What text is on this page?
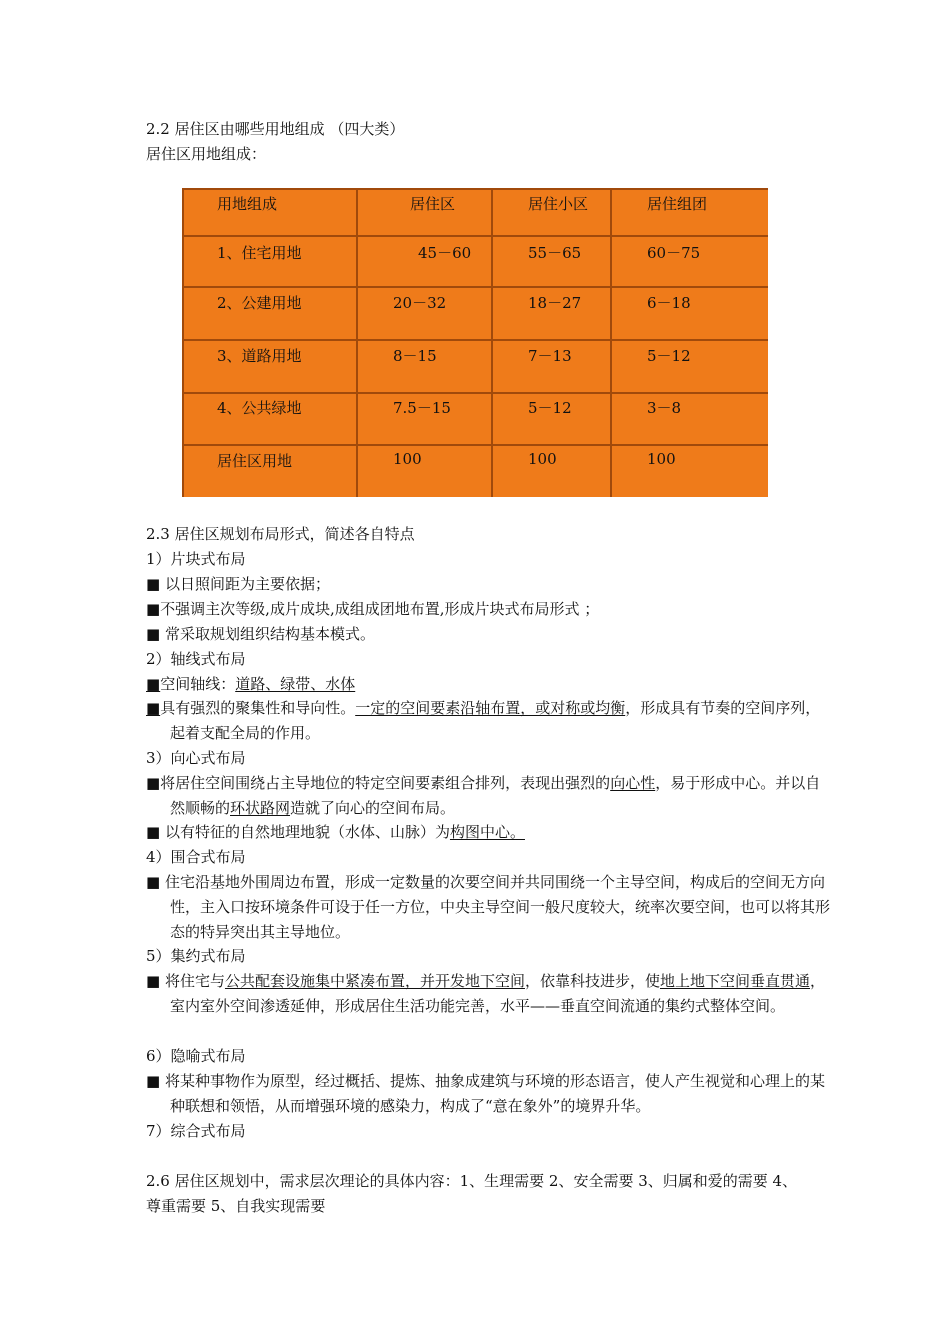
2.2 居住区由哪些用地组成 （四大类）
居住区用地组成：
用地组成	居住区	居住小区	居住组团
1、住宅用地	45－60	55－65	60－75
2、公建用地	20－32	18－27	6－18
3、道路用地	8－15	7－13	5－12
4、公共绿地	7.5－15	5－12	3－8
居住区用地	100	100	100
2.3 居住区规划布局形式，简述各自特点
1）片块式布局
■ 以日照间距为主要依据；
■不强调主次等级,成片成块,成组成团地布置,形成片块式布局形式 ；
■ 常采取规划组织结构基本模式。
2）轴线式布局
■空间轴线：道路、绿带、水体
■具有强烈的聚集性和导向性。一定的空间要素沿轴布置，或对称或均衡，形成具有节奏的空间序列，起着支配全局的作用。
3）向心式布局
■将居住空间围绕占主导地位的特定空间要素组合排列，表现出强烈的向心性，易于形成中心。并以自然顺畅的环状路网造就了向心的空间布局。
■ 以有特征的自然地理地貌（水体、山脉）为构图中心。
4）围合式布局
■ 住宅沿基地外围周边布置，形成一定数量的次要空间并共同围绕一个主导空间，构成后的空间无方向性，主入口按环境条件可设于任一方位，中央主导空间一般尺度较大，统率次要空间，也可以将其形态的特异突出其主导地位。
5）集约式布局
■ 将住宅与公共配套设施集中紧凑布置，并开发地下空间，依靠科技进步，使地上地下空间垂直贯通，室内室外空间渗透延伸，形成居住生活功能完善，水平——垂直空间流通的集约式整体空间。
6）隐喻式布局
■ 将某种事物作为原型，经过概括、提炼、抽象成建筑与环境的形态语言，使人产生视觉和心理上的某种联想和领悟，从而增强环境的感染力，构成了“意在象外”的境界升华。
7）综合式布局
2.6 居住区规划中，需求层次理论的具体内容：1、生理需要 2、安全需要 3、归属和爱的需要 4、尊重需要 5、自我实现需要
